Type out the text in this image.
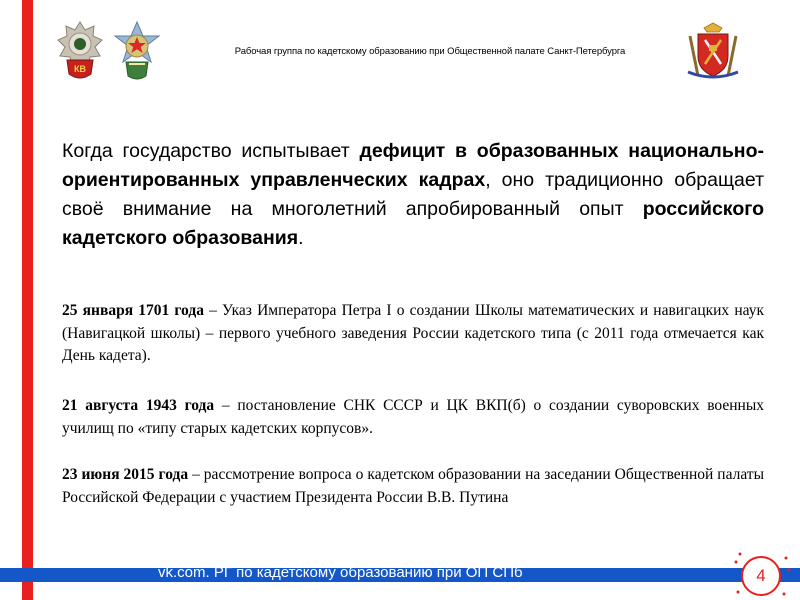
КВ
Рабочая группа по кадетскому образованию при Общественной палате Санкт-Петербурга
Когда государство испытывает дефицит в образованных национально-ориентированных управленческих кадрах, оно традиционно обращает своё внимание на многолетний апробированный опыт российского кадетского образования.
25 января 1701 года – Указ Императора Петра I о создании Школы математических и навигацких наук (Навигацкой школы) – первого учебного заведения России кадетского типа (с 2011 года отмечается как День кадета).
21 августа 1943 года – постановление СНК СССР и ЦК ВКП(б) о создании суворовских военных училищ по «типу старых кадетских корпусов».
23 июня 2015 года – рассмотрение вопроса о кадетском образовании на заседании Общественной палаты Российской Федерации с участием Президента России В.В. Путина
vk.com. РГ по кадетскому образованию при ОП СПб	4
